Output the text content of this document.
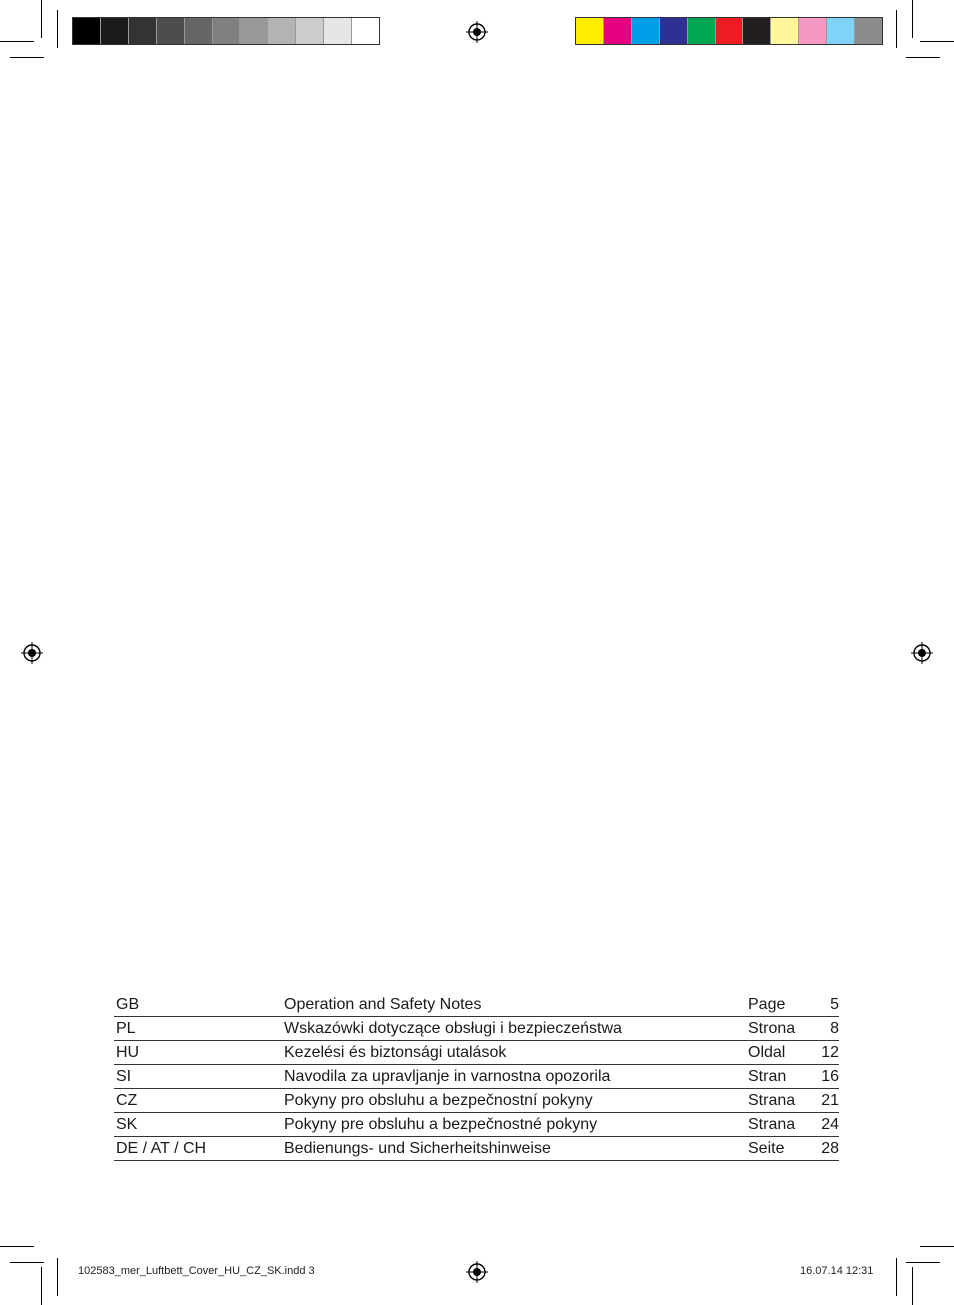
GB	Operation and Safety Notes	Page	5
PL	Wskazówki dotyczące obsługi i bezpieczeństwa	Strona 8
HU	Kezelési és biztonsági utalások	Oldal 12
SI	Navodila za upravljanje in varnostna opozorila	Stran 16
CZ	Pokyny pro obsluhu a bezpečnostní pokyny	Strana 21
SK	Pokyny pre obsluhu a bezpečnostné pokyny	Strana 24
DE / AT / CH	Bedienungs- und Sicherheitshinweise	Seite 28
102583_mer_Luftbett_Cover_HU_CZ_SK.indd 3	16.07.14 12:31
